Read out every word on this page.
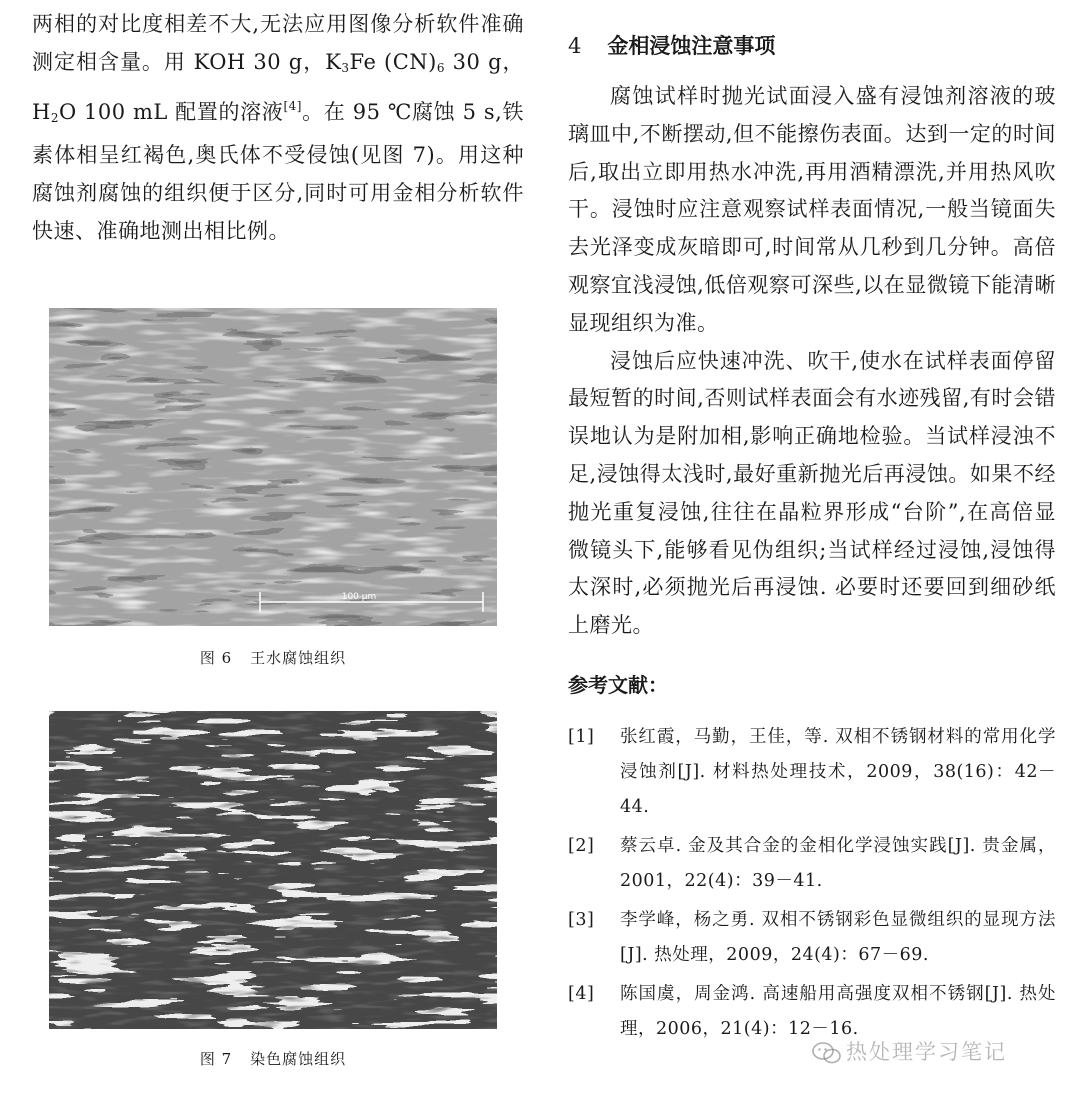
两相的对比度相差不大,无法应用图像分析软件准确测定相含量。用 KOH 30 g，$K_3Fe$ $(CN)_6$ 30 g，$H_2O$ 100 mL 配置的溶液[4]。在 95 ℃腐蚀 5 s,铁素体相呈红褐色,奥氏体不受侵蚀(见图 7)。用这种腐蚀剂腐蚀的组织便于区分,同时可用金相分析软件快速、准确地测出相比例。

100 μm
图 6 王水腐蚀组织
图 7 染色腐蚀组织
4 金相浸蚀注意事项

腐蚀试样时抛光试面浸入盛有浸蚀剂溶液的玻璃皿中,不断摆动,但不能擦伤表面。达到一定的时间后,取出立即用热水冲洗,再用酒精漂洗,并用热风吹干。浸蚀时应注意观察试样表面情况,一般当镜面失去光泽变成灰暗即可,时间常从几秒到几分钟。高倍观察宜浅浸蚀,低倍观察可深些,以在显微镜下能清晰显现组织为准。

浸蚀后应快速冲洗、吹干,使水在试样表面停留最短暂的时间,否则试样表面会有水迹残留,有时会错误地认为是附加相,影响正确地检验。当试样浸浊不足,浸蚀得太浅时,最好重新抛光后再浸蚀。如果不经抛光重复浸蚀,往往在晶粒界形成“台阶”,在高倍显微镜头下,能够看见伪组织;当试样经过浸蚀,浸蚀得太深时,必须抛光后再浸蚀. 必要时还要回到细砂纸上磨光。

参考文献：
[1] 张红霞，马勤，王佳，等. 双相不锈钢材料的常用化学浸蚀剂[J]. 材料热处理技术，2009，38(16)：42－44.
[2] 蔡云卓. 金及其合金的金相化学浸蚀实践[J]. 贵金属，2001，22(4)：39－41.
[3] 李学峰，杨之勇. 双相不锈钢彩色显微组织的显现方法[J]. 热处理，2009，24(4)：67－69.
[4] 陈国虞，周金鸿. 高速船用高强度双相不锈钢[J]. 热处理，2006，21(4)：12－16.
热处理学习笔记
